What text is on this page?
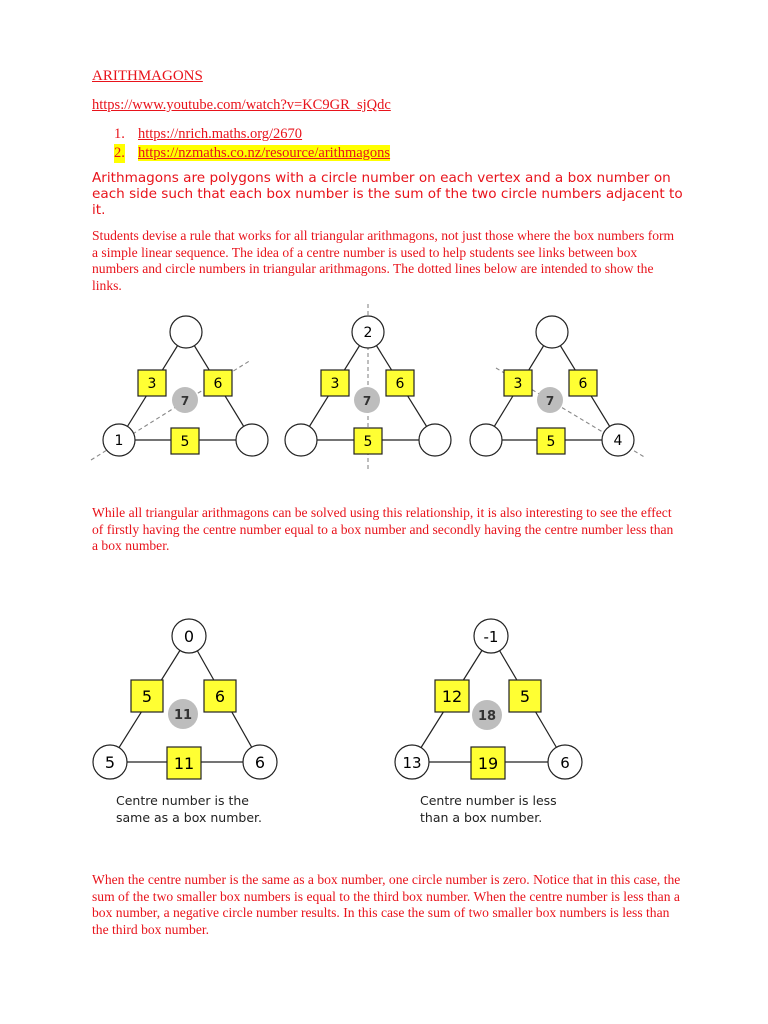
ARITHMAGONS
https://www.youtube.com/watch?v=KC9GR_sjQdc
1. https://nrich.maths.org/2670
2. https://nzmaths.co.nz/resource/arithmagons

Arithmagons are polygons with a circle number on each vertex and a box number on each side such that each box number is the sum of the two circle numbers adjacent to it.

Students devise a rule that works for all triangular arithmagons, not just those where the box numbers form a simple linear sequence. The idea of a centre number is used to help students see links between box numbers and circle numbers in triangular arithmagons. The dotted lines below are intended to show the links.

1
3	6
5
7
2
3	6
5
7
4
3	6
5
7

While all triangular arithmagons can be solved using this relationship, it is also interesting to see the effect of firstly having the centre number equal to a box number and secondly having the centre number less than a box number.

0
5	6
5	6
11
11
Centre number is the
same as a box number.
-1
13	6
12	5
19
18
Centre number is less
than a box number.

When the centre number is the same as a box number, one circle number is zero. Notice that in this case, the sum of the two smaller box numbers is equal to the third box number. When the centre number is less than a box number, a negative circle number results. In this case the sum of two smaller box numbers is less than the third box number.
